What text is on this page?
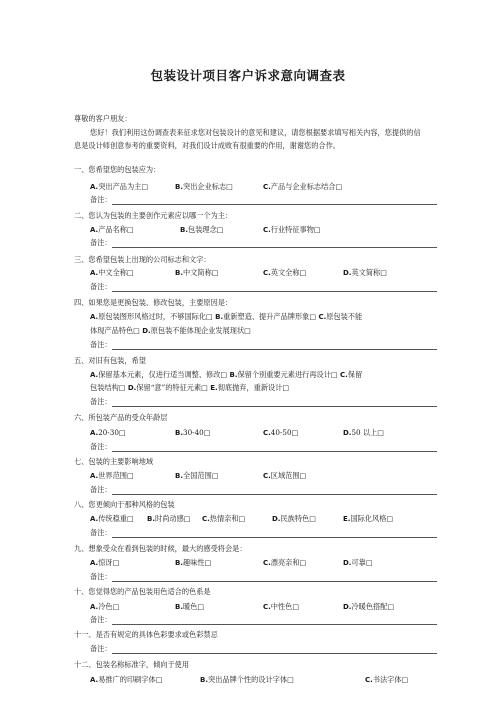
包装设计项目客户诉求意向调查表
尊敬的客户朋友：
您好！我们利用这份调查表来征求您对包装设计的意见和建议，请您根据要求填写相关内容，您提供的信息是设计师创意参考的重要资料，对我们设计成败有很重要的作用，谢谢您的合作。
一、您希望您的包装应为：
A.突出产品为主□	B.突出企业标志□	C.产品与企业标志结合□
备注：
二、您认为包装的主要创作元素应以哪一个为主：
A.产品名称□	B.包装理念□	C.行业特征事物□
备注：
三、您希望包装上出现的公司标志和文字：
A.中文全称□	B.中文简称□	C.英文全称□	D.英文简称□
备注：
四、如果您是更换包装、修改包装，主要原因是：
A.原包装图形风格过时，不够国际化□ B.重新塑造、提升产品牌形象□ C.原包装不能
体现产品特色□ D.原包装不能体现企业发展现状□
备注：
五、对旧有包装，希望
A.保留基本元素，仅进行适当调整、修改□ B.保留个别重要元素进行再设计□ C.保留
包装结构□ D.保留“意”的特征元素□ E.彻底抛弃，重新设计□
备注：
六、所包装产品的受众年龄层
A.20-30□	B.30-40□	C.40-50□	D.50 以上□
备注：
七、包装的主要影响地域
A.世界范围□	B.全国范围□	C.区域范围□
备注：
八、您更倾向于那种风格的包装
A.传统稳重□ B.时尚动感□ C.热情亲和□	D.民族特色□	E.国际化风格□
备注：
九、想象受众在看到包装的时候，最大的感受将会是：
A.惊讶□	B.趣味性□	C.漂亮亲和□	D.可靠□
备注：
十、您觉得您的产品包装用色适合的色系是
A.冷色□	B.暖色□	C.中性色□	D.冷暖色搭配□
备注：
十一、是否有规定的具体色彩要求或色彩禁忌
备注：
十二、包装名称标准字，倾向于使用
A.易推广的印刷字体□	B.突出品牌个性的设计字体□	C.书法字体□
